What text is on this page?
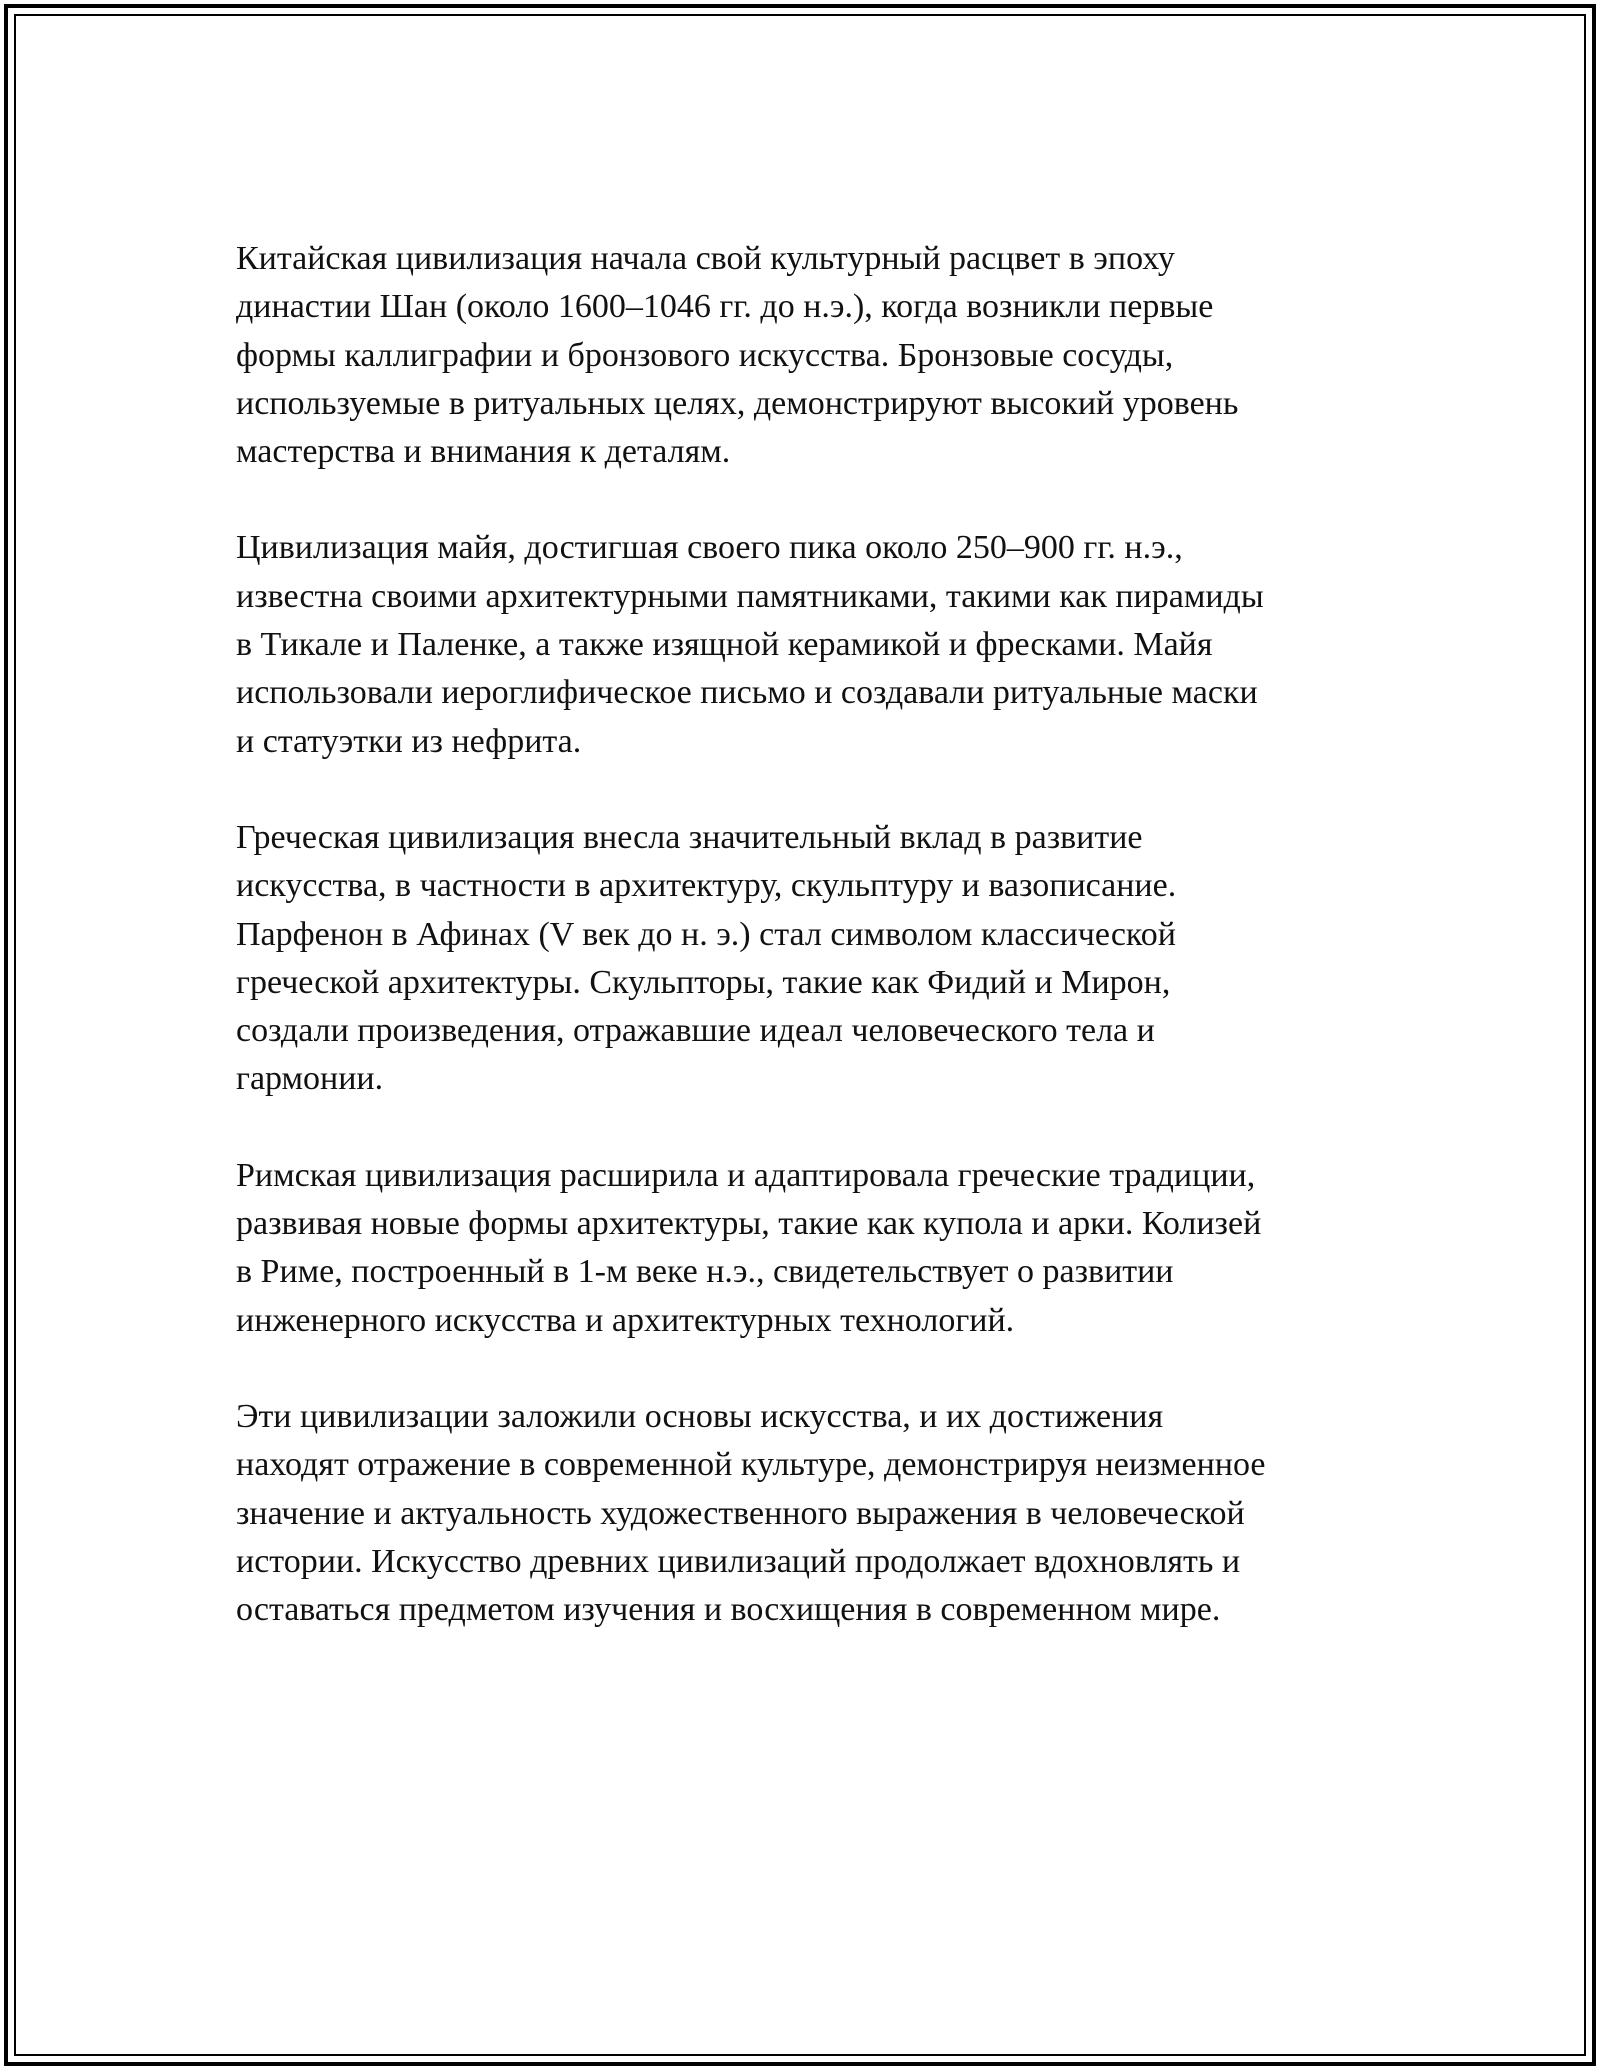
Китайская цивилизация начала свой культурный расцвет в эпоху
династии Шан (около 1600–1046 гг. до н.э.), когда возникли первые
формы каллиграфии и бронзового искусства. Бронзовые сосуды,
используемые в ритуальных целях, демонстрируют высокий уровень
мастерства и внимания к деталям.

Цивилизация майя, достигшая своего пика около 250–900 гг. н.э.,
известна своими архитектурными памятниками, такими как пирамиды
в Тикале и Паленке, а также изящной керамикой и фресками. Майя
использовали иероглифическое письмо и создавали ритуальные маски
и статуэтки из нефрита.

Греческая цивилизация внесла значительный вклад в развитие
искусства, в частности в архитектуру, скульптуру и вазописание.
Парфенон в Афинах (V век до н. э.) стал символом классической
греческой архитектуры. Скульпторы, такие как Фидий и Мирон,
создали произведения, отражавшие идеал человеческого тела и
гармонии.

Римская цивилизация расширила и адаптировала греческие традиции,
развивая новые формы архитектуры, такие как купола и арки. Колизей
в Риме, построенный в 1-м веке н.э., свидетельствует о развитии
инженерного искусства и архитектурных технологий.

Эти цивилизации заложили основы искусства, и их достижения
находят отражение в современной культуре, демонстрируя неизменное
значение и актуальность художественного выражения в человеческой
истории. Искусство древних цивилизаций продолжает вдохновлять и
оставаться предметом изучения и восхищения в современном мире.
